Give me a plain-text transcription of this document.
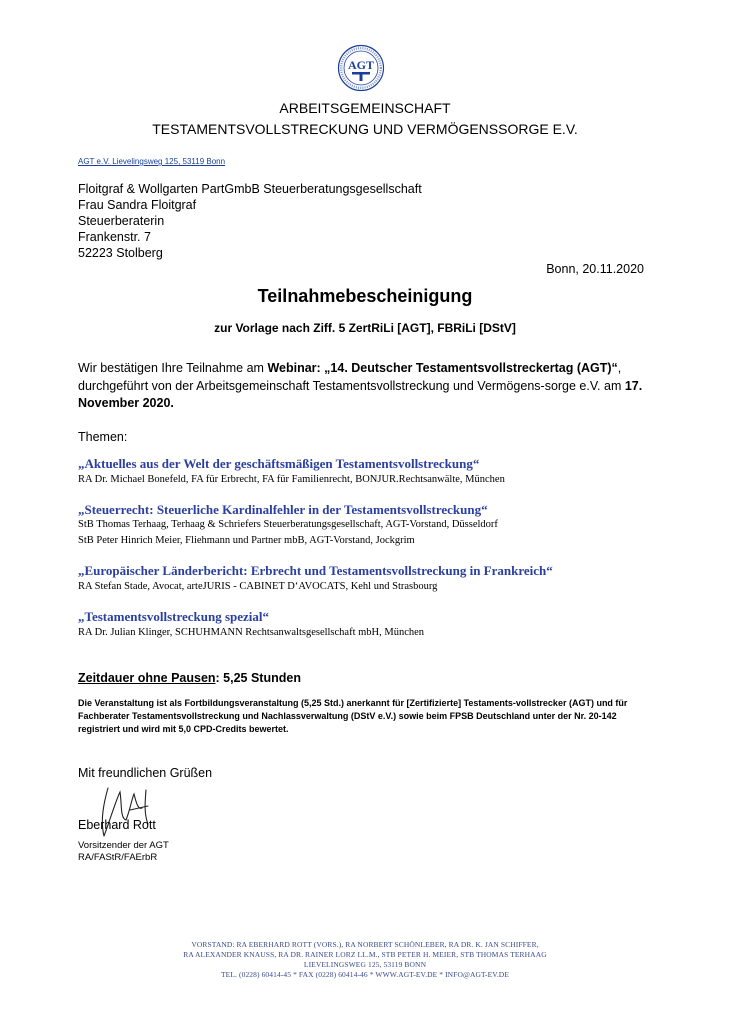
AGT
ARBEITSGEMEINSCHAFT
TESTAMENTSVOLLSTRECKUNG UND VERMÖGENSSORGE E.V.
AGT e.V. Lievelingsweg 125, 53119 Bonn
Floitgraf & Wollgarten PartGmbB Steuerberatungsgesellschaft
Frau Sandra Floitgraf
Steuerberaterin
Frankenstr. 7
52223 Stolberg
Bonn, 20.11.2020
Teilnahmebescheinigung
zur Vorlage nach Ziff. 5 ZertRiLi [AGT], FBRiLi [DStV]
Wir bestätigen Ihre Teilnahme am Webinar: „14. Deutscher Testamentsvollstreckertag (AGT)“, durchgeführt von der Arbeitsgemeinschaft Testamentsvollstreckung und Vermögens-sorge e.V. am 17. November 2020.
Themen:
„Aktuelles aus der Welt der geschäftsmäßigen Testamentsvollstreckung“
RA Dr. Michael Bonefeld, FA für Erbrecht, FA für Familienrecht, BONJUR.Rechtsanwälte, München
„Steuerrecht: Steuerliche Kardinalfehler in der Testamentsvollstreckung“
StB Thomas Terhaag, Terhaag & Schriefers Steuerberatungsgesellschaft, AGT-Vorstand, Düsseldorf
StB Peter Hinrich Meier, Fliehmann und Partner mbB, AGT-Vorstand, Jockgrim
„Europäischer Länderbericht: Erbrecht und Testamentsvollstreckung in Frankreich“
RA Stefan Stade, Avocat, arteJURIS - CABINET D‘AVOCATS, Kehl und Strasbourg
„Testamentsvollstreckung spezial“
RA Dr. Julian Klinger, SCHUHMANN Rechtsanwaltsgesellschaft mbH, München
Zeitdauer ohne Pausen: 5,25 Stunden
Die Veranstaltung ist als Fortbildungsveranstaltung (5,25 Std.) anerkannt für [Zertifizierte] Testaments-vollstrecker (AGT) und für Fachberater Testamentsvollstreckung und Nachlassverwaltung (DStV e.V.) sowie beim FPSB Deutschland unter der Nr. 20-142 registriert und wird mit 5,0 CPD-Credits bewertet.
Mit freundlichen Grüßen
Eberhard Rott
Vorsitzender der AGT
RA/FAStR/FAErbR
VORSTAND: RA EBERHARD ROTT (VORS.), RA NORBERT SCHÖNLEBER, RA DR. K. JAN SCHIFFER,
RA ALEXANDER KNAUSS, RA DR. RAINER LORZ LL.M., STB PETER H. MEIER, STB THOMAS TERHAAG
LIEVELINGSWEG 125, 53119 BONN
TEL. (0228) 60414-45 * FAX (0228) 60414-46 * WWW.AGT-EV.DE * INFO@AGT-EV.DE
